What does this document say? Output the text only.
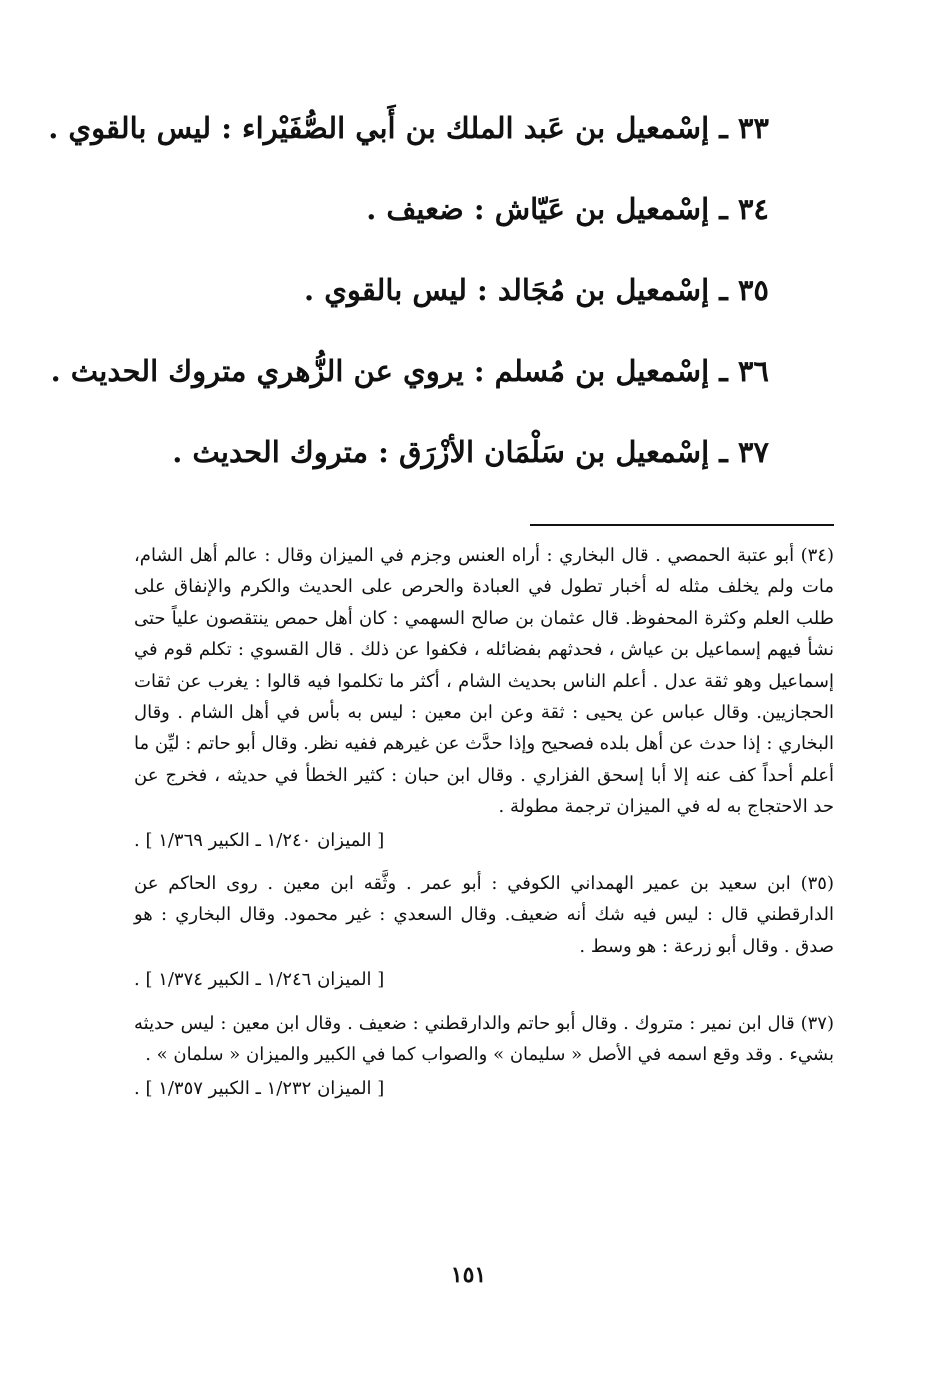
٣٣ ـ إسْمعيل بن عَبد الملك بن أَبي الصُّفَيْراء : ليس بالقوي .
٣٤ ـ إسْمعيل بن عَيّاش : ضعيف .
٣٥ ـ إسْمعيل بن مُجَالد : ليس بالقوي .
٣٦ ـ إسْمعيل بن مُسلم : يروي عن الزُّهري متروك الحديث .
٣٧ ـ إسْمعيل بن سَلْمَان الأزْرَق : متروك الحديث .
(٣٤) أبو عتبة الحمصي . قال البخاري : أراه العنس وجزم في الميزان وقال : عالم أهل الشام، مات ولم يخلف مثله له أخبار تطول في العبادة والحرص على الحديث والكرم والإنفاق على طلب العلم وكثرة المحفوظ. قال عثمان بن صالح السهمي : كان أهل حمص ينتقصون علياً حتى نشأ فيهم إسماعيل بن عياش ، فحدثهم بفضائله ، فكفوا عن ذلك . قال القسوي : تكلم قوم في إسماعيل وهو ثقة عدل . أعلم الناس بحديث الشام ، أكثر ما تكلموا فيه قالوا : يغرب عن ثقات الحجازيين. وقال عباس عن يحيى : ثقة وعن ابن معين : ليس به بأس في أهل الشام . وقال البخاري : إذا حدث عن أهل بلده فصحيح وإذا حدَّث عن غيرهم ففيه نظر. وقال أبو حاتم : ليِّن ما أعلم أحداً كف عنه إلا أبا إسحق الفزاري . وقال ابن حبان : كثير الخطأ في حديثه ، فخرج عن حد الاحتجاج به له في الميزان ترجمة مطولة .
[ الميزان ١/٢٤٠ ـ الكبير ١/٣٦٩ ] .
(٣٥) ابن سعيد بن عمير الهمداني الكوفي : أبو عمر . وثَّقه ابن معين . روى الحاكم عن الدارقطني قال : ليس فيه شك أنه ضعيف. وقال السعدي : غير محمود. وقال البخاري : هو صدق . وقال أبو زرعة : هو وسط .
[ الميزان ١/٢٤٦ ـ الكبير ١/٣٧٤ ] .
(٣٧) قال ابن نمير : متروك . وقال أبو حاتم والدارقطني : ضعيف . وقال ابن معين : ليس حديثه بشيء . وقد وقع اسمه في الأصل « سليمان » والصواب كما في الكبير والميزان « سلمان » .
[ الميزان ١/٢٣٢ ـ الكبير ١/٣٥٧ ] .
١٥١
